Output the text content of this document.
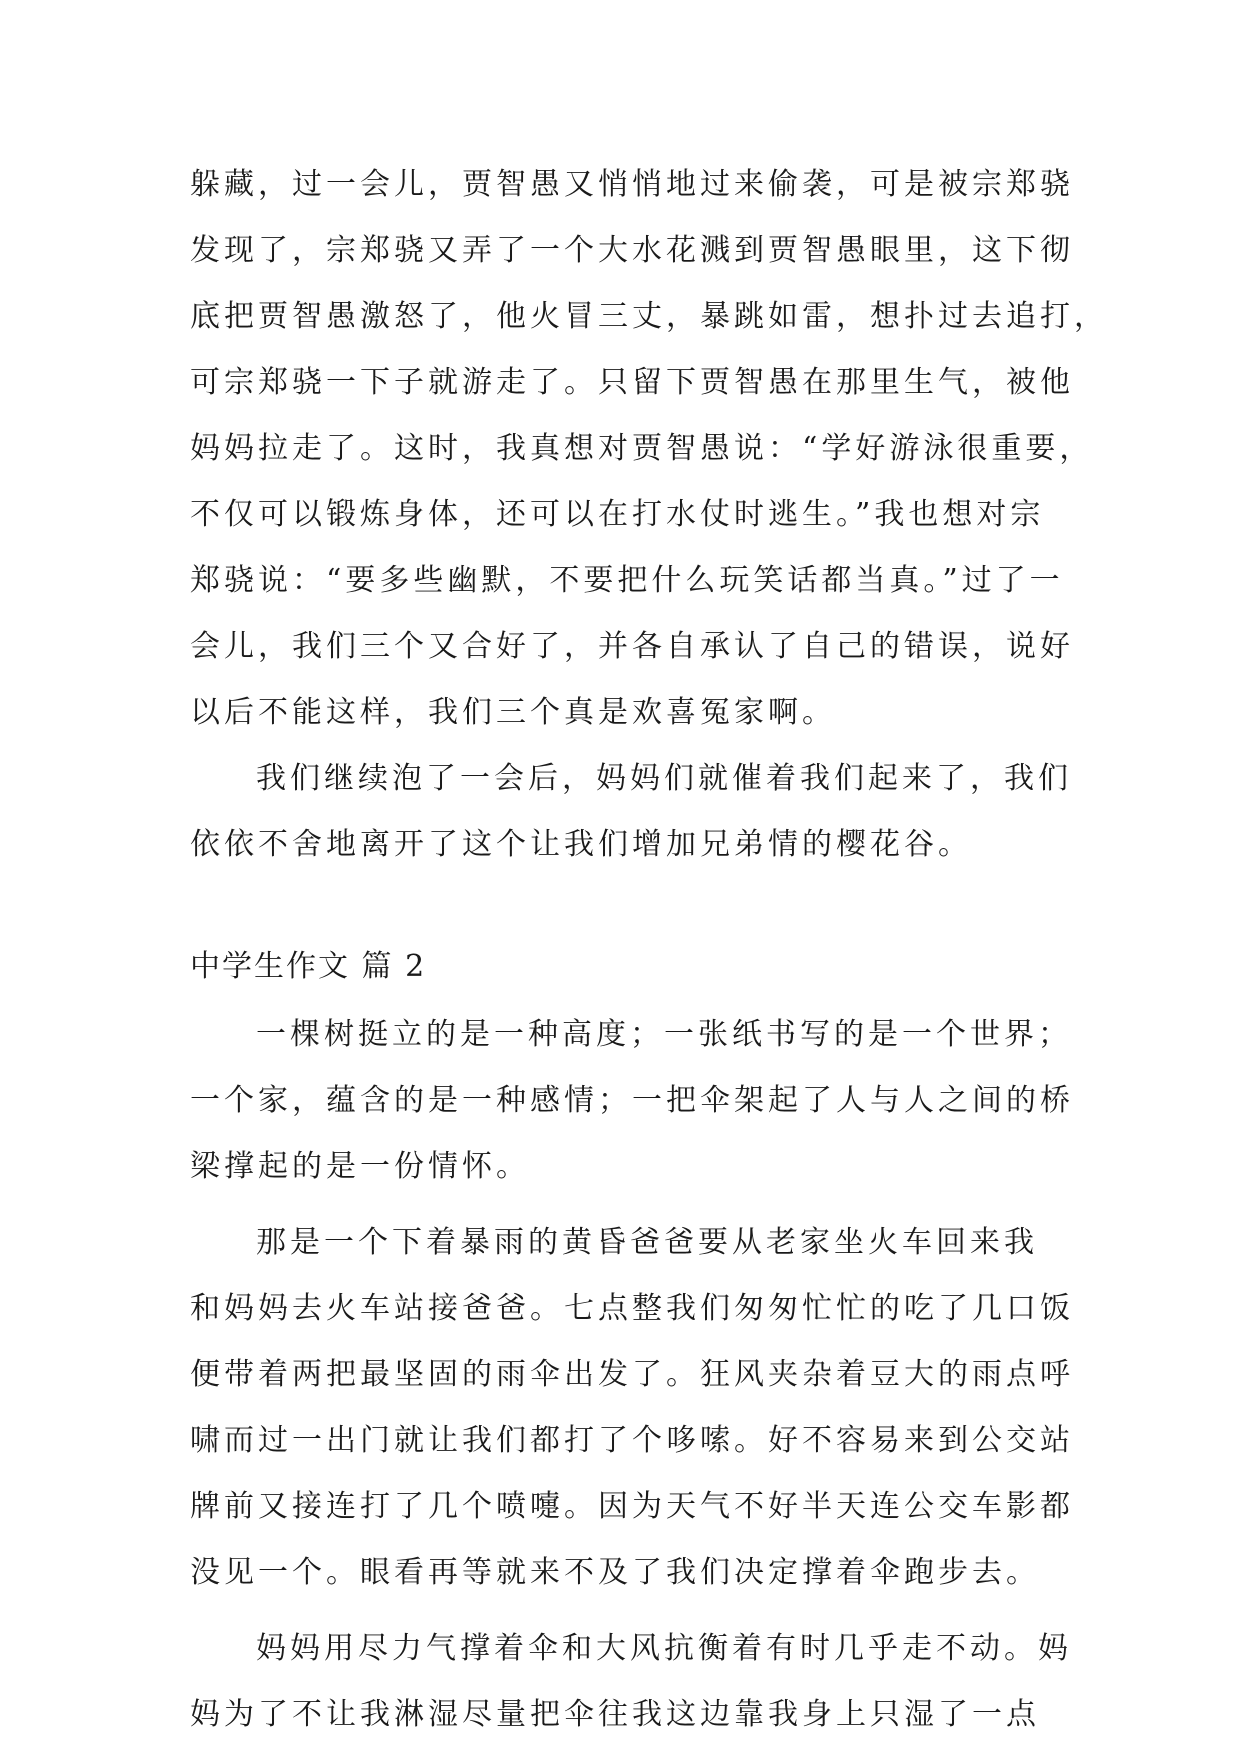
躲藏，过一会儿，贾智愚又悄悄地过来偷袭，可是被宗郑骁
发现了，宗郑骁又弄了一个大水花溅到贾智愚眼里，这下彻
底把贾智愚激怒了，他火冒三丈，暴跳如雷，想扑过去追打，
可宗郑骁一下子就游走了。只留下贾智愚在那里生气，被他
妈妈拉走了。这时，我真想对贾智愚说：“学好游泳很重要，
不仅可以锻炼身体，还可以在打水仗时逃生。”我也想对宗
郑骁说：“要多些幽默，不要把什么玩笑话都当真。”过了一
会儿，我们三个又合好了，并各自承认了自己的错误，说好
以后不能这样，我们三个真是欢喜冤家啊。
我们继续泡了一会后，妈妈们就催着我们起来了，我们
依依不舍地离开了这个让我们增加兄弟情的樱花谷。
中学生作文 篇 2
一棵树挺立的是一种高度；一张纸书写的是一个世界；
一个家，蕴含的是一种感情；一把伞架起了人与人之间的桥
梁撑起的是一份情怀。
那是一个下着暴雨的黄昏爸爸要从老家坐火车回来我
和妈妈去火车站接爸爸。七点整我们匆匆忙忙的吃了几口饭
便带着两把最坚固的雨伞出发了。狂风夹杂着豆大的雨点呼
啸而过一出门就让我们都打了个哆嗦。好不容易来到公交站
牌前又接连打了几个喷嚏。因为天气不好半天连公交车影都
没见一个。眼看再等就来不及了我们决定撑着伞跑步去。
妈妈用尽力气撑着伞和大风抗衡着有时几乎走不动。妈
妈为了不让我淋湿尽量把伞往我这边靠我身上只湿了一点
